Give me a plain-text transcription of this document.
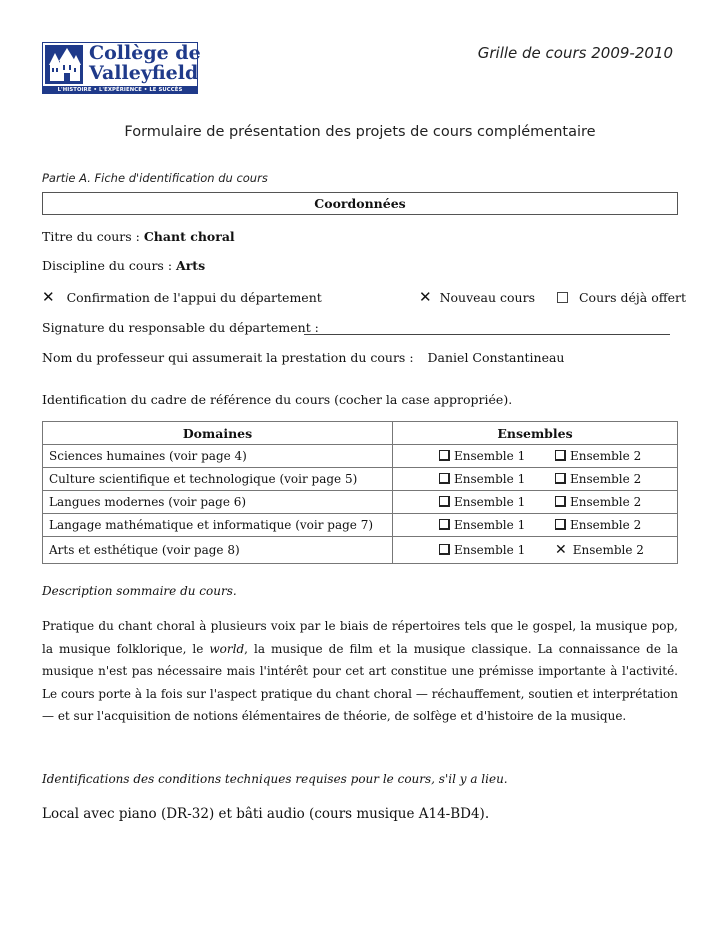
Collège de
Valleyfield
L'HISTOIRE • L'EXPÉRIENCE • LE SUCCÈS
Grille de cours 2009-2010
Formulaire de présentation des projets de cours complémentaire
Partie A. Fiche d'identification du cours
Coordonnées
Titre du cours : Chant choral
Discipline du cours : Arts
✕ Confirmation de l'appui du département	✕ Nouveau cours	Cours déjà offert
Signature du responsable du département :
Nom du professeur qui assumerait la prestation du cours : Daniel Constantineau
Identification du cadre de référence du cours (cocher la case appropriée).
Domaines	Ensembles
Sciences humaines (voir page 4)	Ensemble 1 Ensemble 2
Culture scientifique et technologique (voir page 5)	Ensemble 1 Ensemble 2
Langues modernes (voir page 6)	Ensemble 1 Ensemble 2
Langage mathématique et informatique (voir page 7)	Ensemble 1 Ensemble 2
Arts et esthétique (voir page 8)	Ensemble 1 ✕ Ensemble 2
Description sommaire du cours.
Pratique du chant choral à plusieurs voix par le biais de répertoires tels que le gospel, la musique pop, la musique folklorique, le world, la musique de film et la musique classique. La connaissance de la musique n'est pas nécessaire mais l'intérêt pour cet art constitue une prémisse importante à l'activité. Le cours porte à la fois sur l'aspect pratique du chant choral — réchauffement, soutien et interprétation — et sur l'acquisition de notions élémentaires de théorie, de solfège et d'histoire de la musique.
Identifications des conditions techniques requises pour le cours, s'il y a lieu.
Local avec piano (DR-32) et bâti audio (cours musique A14-BD4).
